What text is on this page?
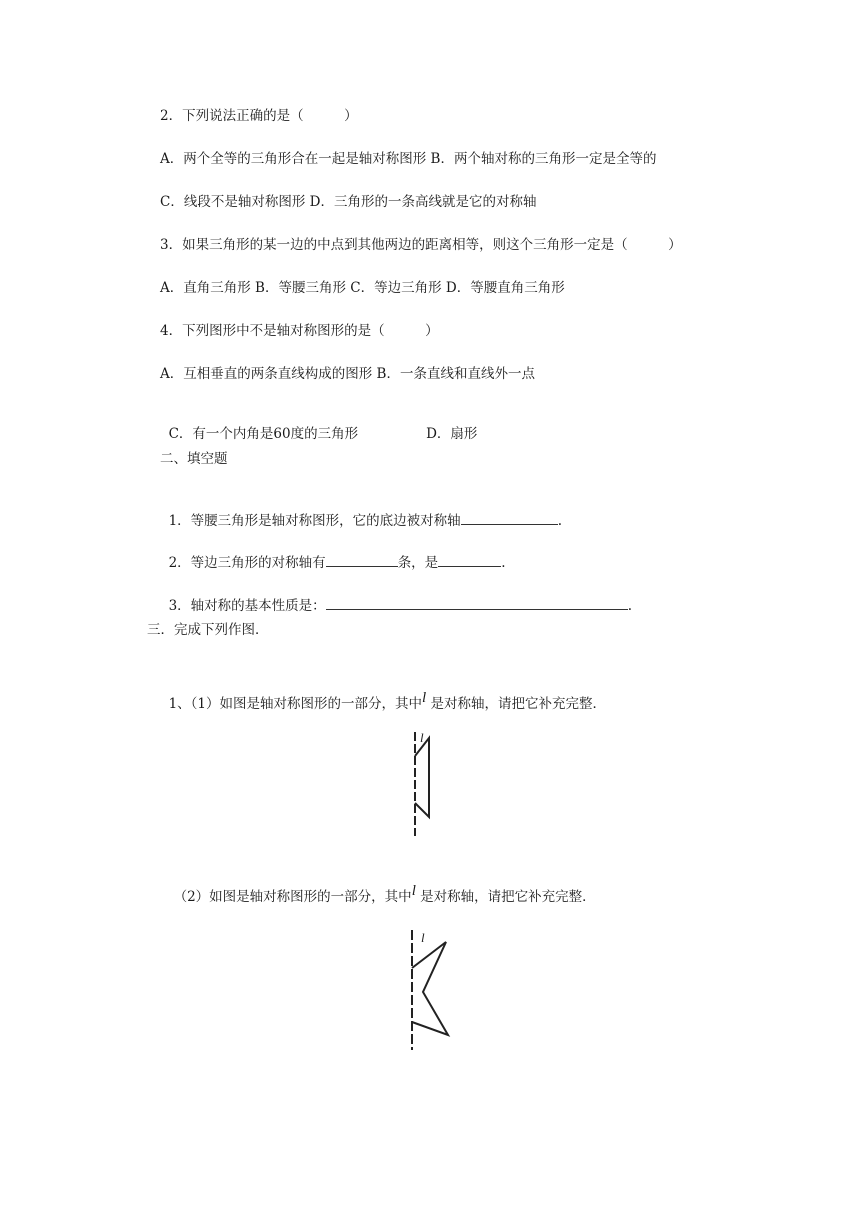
2．下列说法正确的是（　　　）
A．两个全等的三角形合在一起是轴对称图形 B．两个轴对称的三角形一定是全等的
C．线段不是轴对称图形 D．三角形的一条高线就是它的对称轴
3．如果三角形的某一边的中点到其他两边的距离相等，则这个三角形一定是（　　　）
A．直角三角形 B．等腰三角形 C．等边三角形 D．等腰直角三角形
4．下列图形中不是轴对称图形的是（　　　）
A．互相垂直的两条直线构成的图形 B．一条直线和直线外一点

C．有一个内角是60度的三角形	D．扇形

二、填空题

1．等腰三角形是轴对称图形，它的底边被对称轴	.

2．等边三角形的对称轴有	条，是	.

3．轴对称的基本性质是：	.

三．完成下列作图．

1、（1）如图是轴对称图形的一部分，其中l 是对称轴，请把它补充完整．

l

（2）如图是轴对称图形的一部分，其中l 是对称轴，请把它补充完整．

l
